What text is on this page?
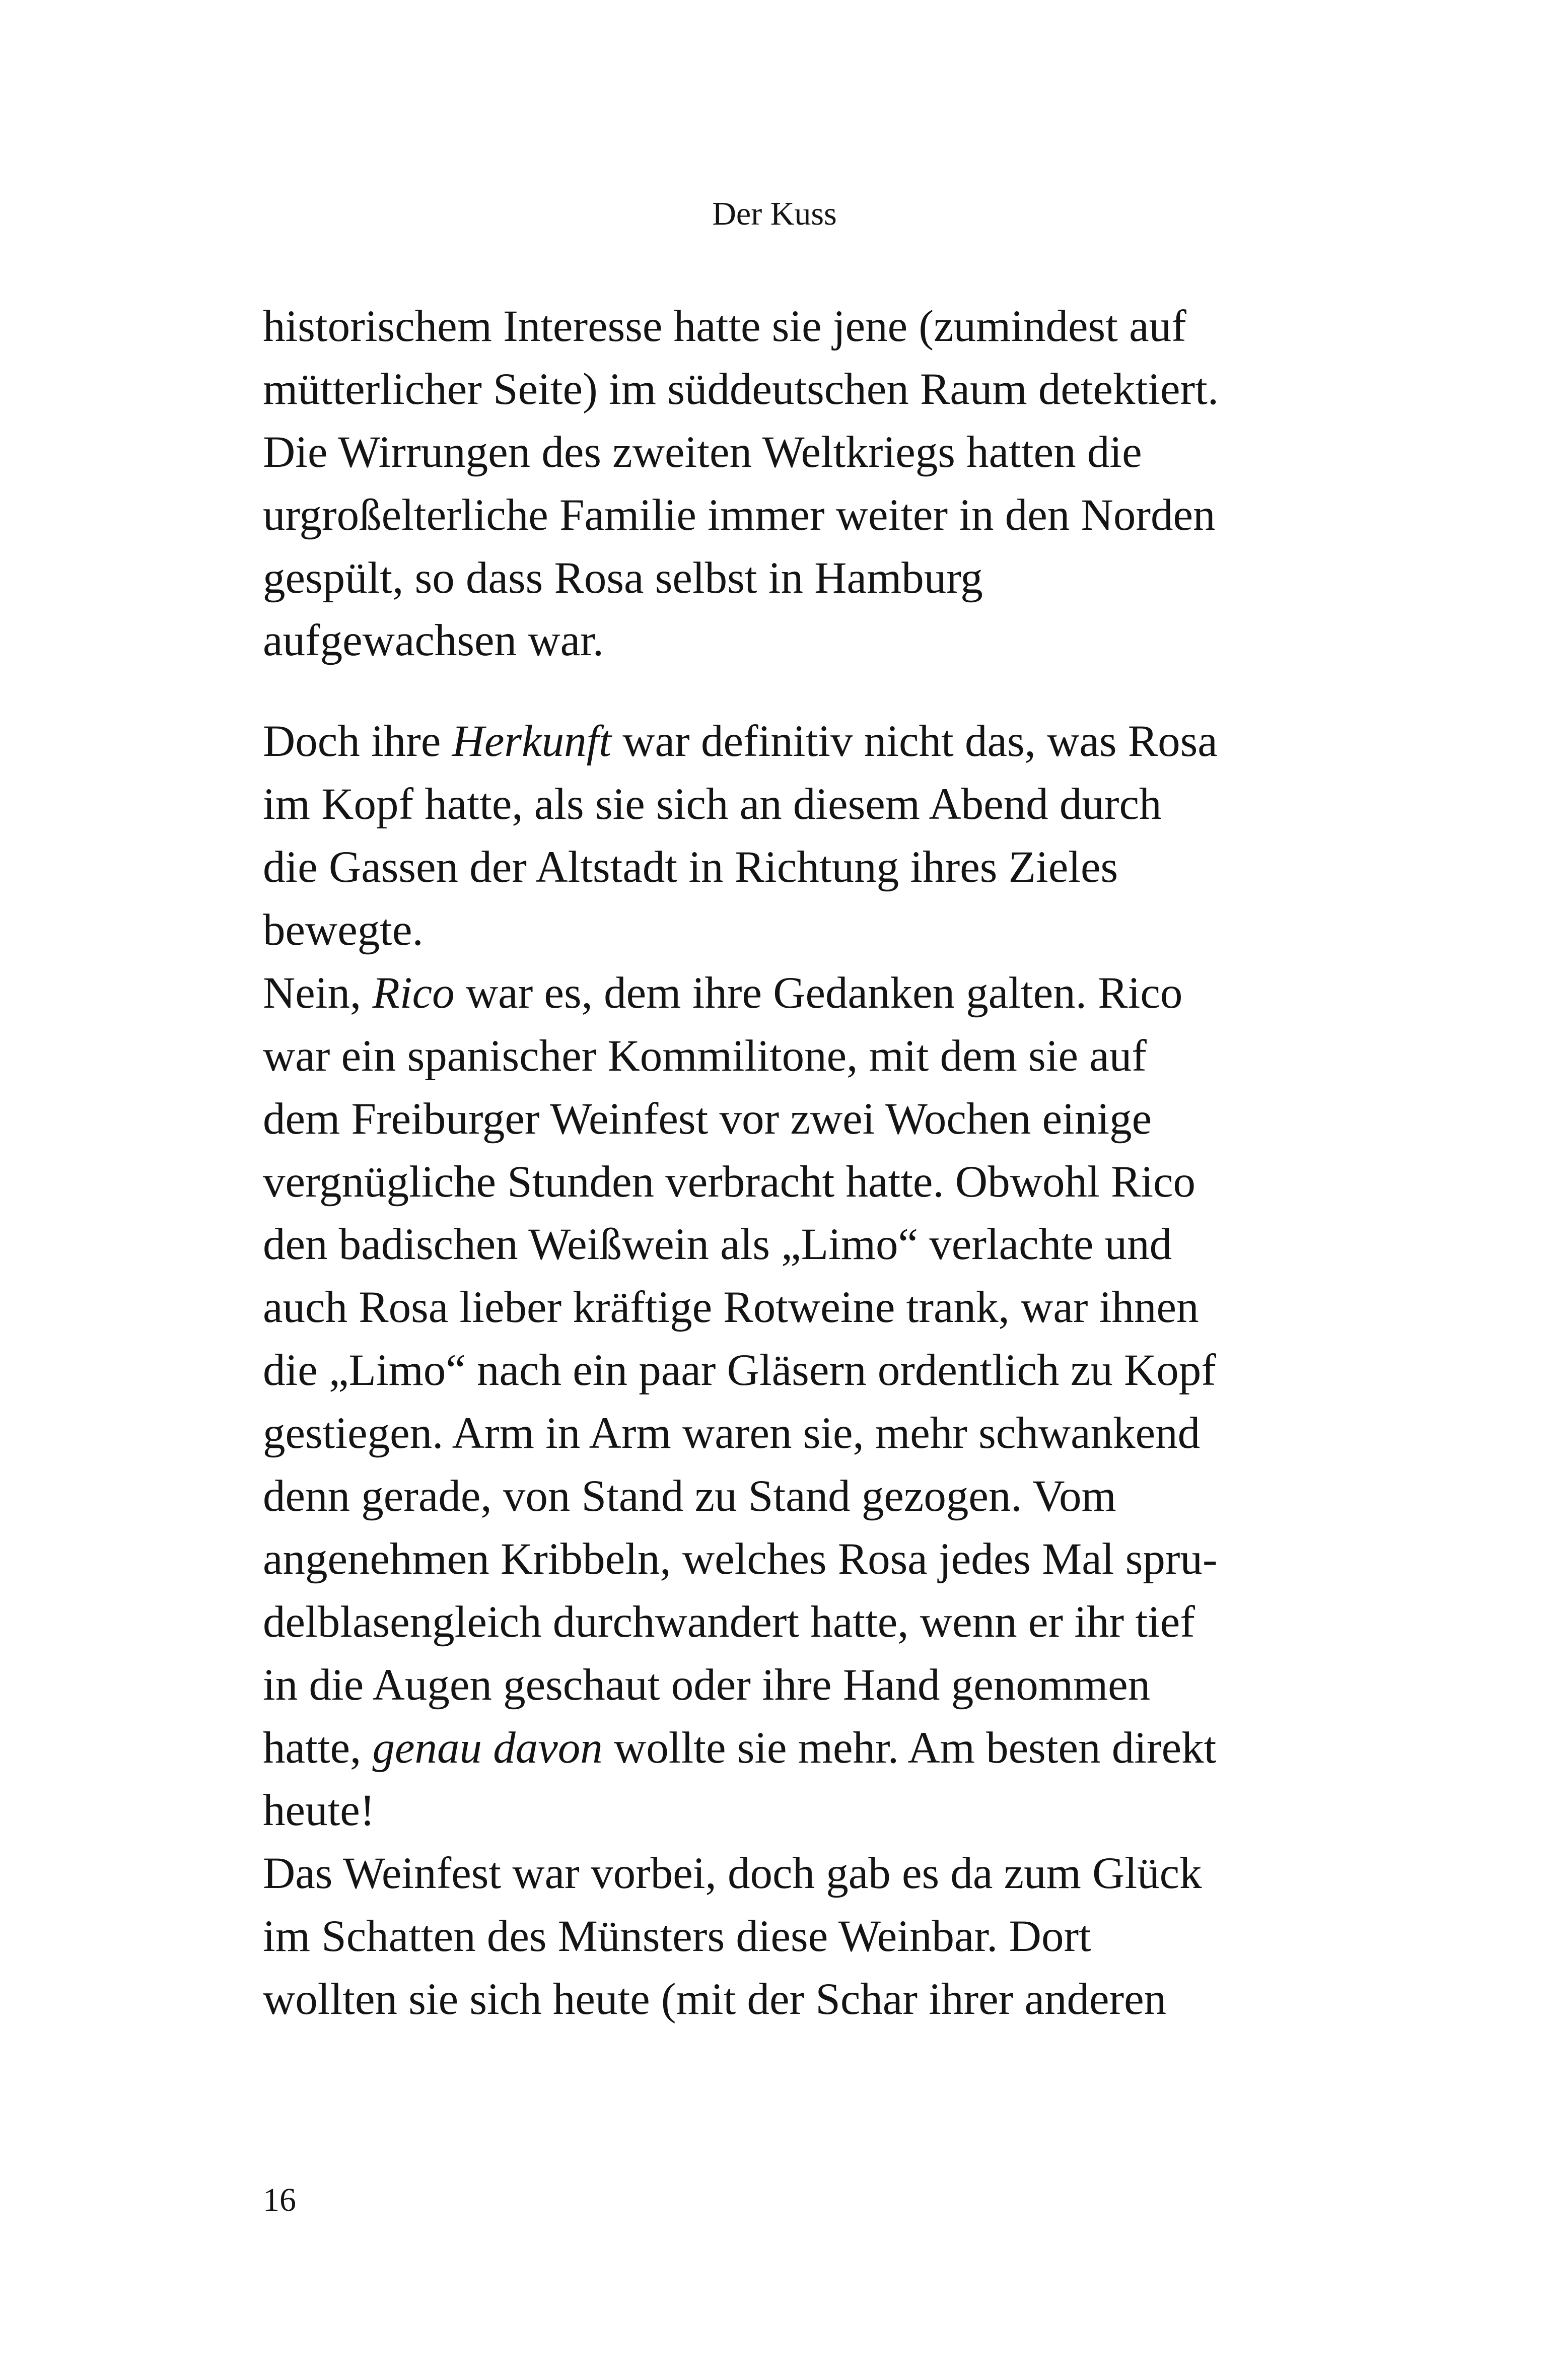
Der Kuss

historischem Interesse hatte sie jene (zumindest auf
mütterlicher Seite) im süddeutschen Raum detektiert.
Die Wirrungen des zweiten Weltkriegs hatten die
urgroßelterliche Familie immer weiter in den Norden
gespült, so dass Rosa selbst in Hamburg
aufgewachsen war.
Doch ihre Herkunft war definitiv nicht das, was Rosa
im Kopf hatte, als sie sich an diesem Abend durch
die Gassen der Altstadt in Richtung ihres Zieles
bewegte.
Nein, Rico war es, dem ihre Gedanken galten. Rico
war ein spanischer Kommilitone, mit dem sie auf
dem Freiburger Weinfest vor zwei Wochen einige
vergnügliche Stunden verbracht hatte. Obwohl Rico
den badischen Weißwein als „Limo“ verlachte und
auch Rosa lieber kräftige Rotweine trank, war ihnen
die „Limo“ nach ein paar Gläsern ordentlich zu Kopf
gestiegen. Arm in Arm waren sie, mehr schwankend
denn gerade, von Stand zu Stand gezogen. Vom
angenehmen Kribbeln, welches Rosa jedes Mal spru-
delblasengleich durchwandert hatte, wenn er ihr tief
in die Augen geschaut oder ihre Hand genommen
hatte, genau davon wollte sie mehr. Am besten direkt
heute!
Das Weinfest war vorbei, doch gab es da zum Glück
im Schatten des Münsters diese Weinbar. Dort
wollten sie sich heute (mit der Schar ihrer anderen
16
